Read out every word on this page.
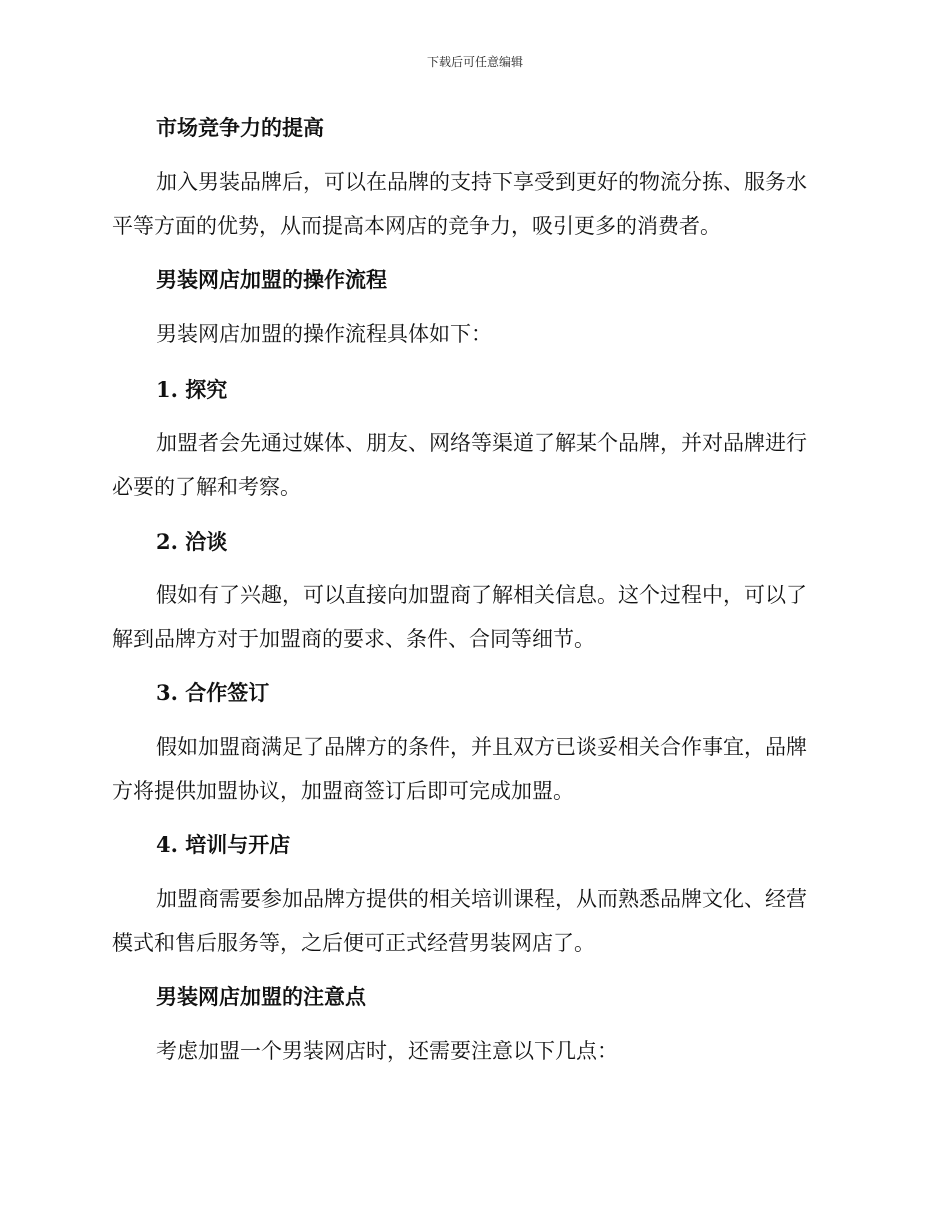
下载后可任意编辑
市场竞争力的提高
加入男装品牌后，可以在品牌的支持下享受到更好的物流分拣、服务水
平等方面的优势，从而提高本网店的竞争力，吸引更多的消费者。
男装网店加盟的操作流程
男装网店加盟的操作流程具体如下：
1. 探究
加盟者会先通过媒体、朋友、网络等渠道了解某个品牌，并对品牌进行
必要的了解和考察。
2. 洽谈
假如有了兴趣，可以直接向加盟商了解相关信息。这个过程中，可以了
解到品牌方对于加盟商的要求、条件、合同等细节。
3. 合作签订
假如加盟商满足了品牌方的条件，并且双方已谈妥相关合作事宜，品牌
方将提供加盟协议，加盟商签订后即可完成加盟。
4. 培训与开店
加盟商需要参加品牌方提供的相关培训课程，从而熟悉品牌文化、经营
模式和售后服务等，之后便可正式经营男装网店了。
男装网店加盟的注意点
考虑加盟一个男装网店时，还需要注意以下几点：
